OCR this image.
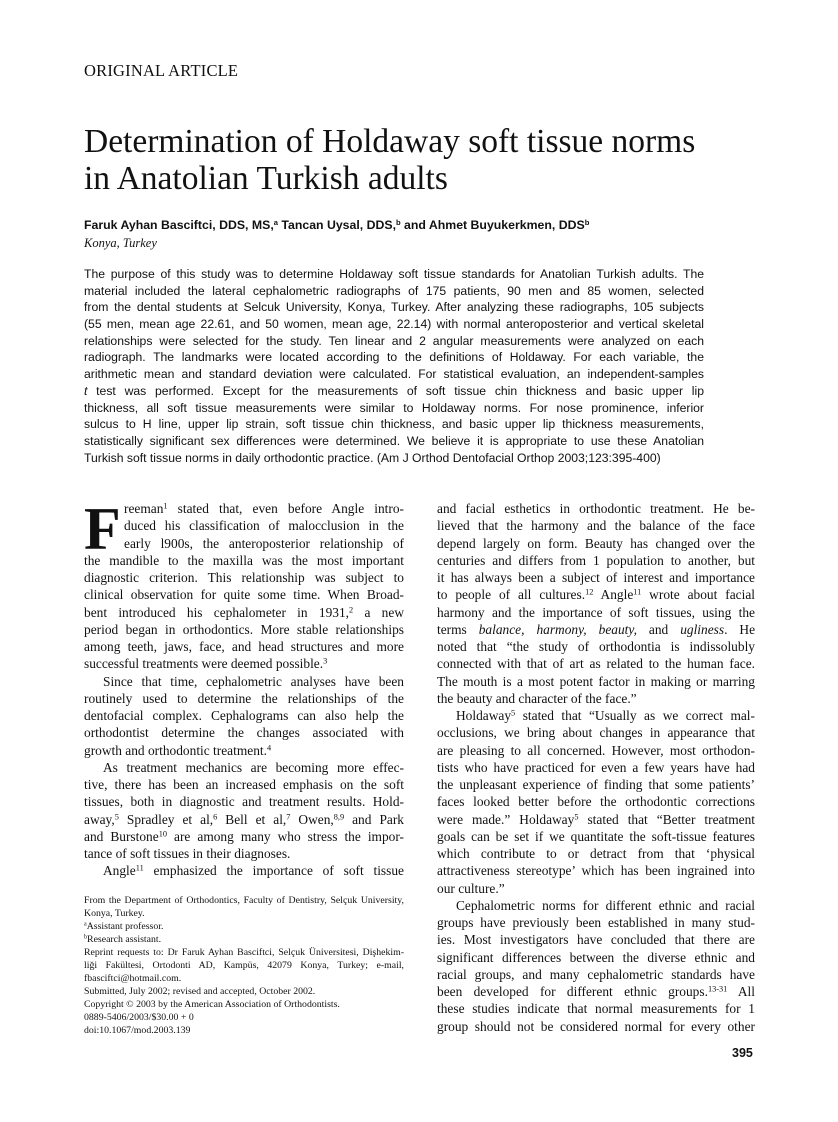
ORIGINAL ARTICLE
Determination of Holdaway soft tissue norms
in Anatolian Turkish adults
Faruk Ayhan Basciftci, DDS, MS,$^a$ Tancan Uysal, DDS,$^b$ and Ahmet Buyukerkmen, DDS$^b$
Konya, Turkey
The purpose of this study was to determine Holdaway soft tissue standards for Anatolian Turkish adults. The
material included the lateral cephalometric radiographs of 175 patients, 90 men and 85 women, selected
from the dental students at Selcuk University, Konya, Turkey. After analyzing these radiographs, 105 subjects
(55 men, mean age 22.61, and 50 women, mean age, 22.14) with normal anteroposterior and vertical skeletal
relationships were selected for the study. Ten linear and 2 angular measurements were analyzed on each
radiograph. The landmarks were located according to the definitions of Holdaway. For each variable, the
arithmetic mean and standard deviation were calculated. For statistical evaluation, an independent-samples
t test was performed. Except for the measurements of soft tissue chin thickness and basic upper lip
thickness, all soft tissue measurements were similar to Holdaway norms. For nose prominence, inferior
sulcus to H line, upper lip strain, soft tissue chin thickness, and basic upper lip thickness measurements,
statistically significant sex differences were determined. We believe it is appropriate to use these Anatolian
Turkish soft tissue norms in daily orthodontic practice. (Am J Orthod Dentofacial Orthop 2003;123:395-400)
F reeman$^1$ stated that, even before Angle intro-
duced his classification of malocclusion in the
early l900s, the anteroposterior relationship of
the mandible to the maxilla was the most important
diagnostic criterion. This relationship was subject to
clinical observation for quite some time. When Broad-
bent introduced his cephalometer in 1931,$^2$ a new
period began in orthodontics. More stable relationships
among teeth, jaws, face, and head structures and more
successful treatments were deemed possible.$^3$
Since that time, cephalometric analyses have been
routinely used to determine the relationships of the
dentofacial complex. Cephalograms can also help the
orthodontist determine the changes associated with
growth and orthodontic treatment.$^4$
As treatment mechanics are becoming more effec-
tive, there has been an increased emphasis on the soft
tissues, both in diagnostic and treatment results. Hold-
away,$^5$ Spradley et al,$^6$ Bell et al,$^7$ Owen,$^{8,9}$ and Park
and Burstone$^{10}$ are among many who stress the impor-
tance of soft tissues in their diagnoses.
Angle$^{11}$ emphasized the importance of soft tissue
and facial esthetics in orthodontic treatment. He be-
lieved that the harmony and the balance of the face
depend largely on form. Beauty has changed over the
centuries and differs from 1 population to another, but
it has always been a subject of interest and importance
to people of all cultures.$^{12}$ Angle$^{11}$ wrote about facial
harmony and the importance of soft tissues, using the
terms balance, harmony, beauty, and ugliness. He
noted that “the study of orthodontia is indissolubly
connected with that of art as related to the human face.
The mouth is a most potent factor in making or marring
the beauty and character of the face.”
Holdaway$^5$ stated that “Usually as we correct mal-
occlusions, we bring about changes in appearance that
are pleasing to all concerned. However, most orthodon-
tists who have practiced for even a few years have had
the unpleasant experience of finding that some patients’
faces looked better before the orthodontic corrections
were made.” Holdaway$^5$ stated that “Better treatment
goals can be set if we quantitate the soft-tissue features
which contribute to or detract from that ‘physical
attractiveness stereotype’ which has been ingrained into
our culture.”
Cephalometric norms for different ethnic and racial
groups have previously been established in many stud-
ies. Most investigators have concluded that there are
significant differences between the diverse ethnic and
racial groups, and many cephalometric standards have
been developed for different ethnic groups.$^{13-31}$ All
these studies indicate that normal measurements for 1
group should not be considered normal for every other
From the Department of Orthodontics, Faculty of Dentistry, Selçuk University,
Konya, Turkey.
$^a$Assistant professor.
$^b$Research assistant.
Reprint requests to: Dr Faruk Ayhan Basciftci, Selçuk Üniversitesi, Dişhekim-
liği Fakültesi, Ortodonti AD, Kampüs, 42079 Konya, Turkey; e-mail,
fbasciftci@hotmail.com.
Submitted, July 2002; revised and accepted, October 2002.
Copyright © 2003 by the American Association of Orthodontists.
0889-5406/2003/$30.00 + 0
doi:10.1067/mod.2003.139
395
